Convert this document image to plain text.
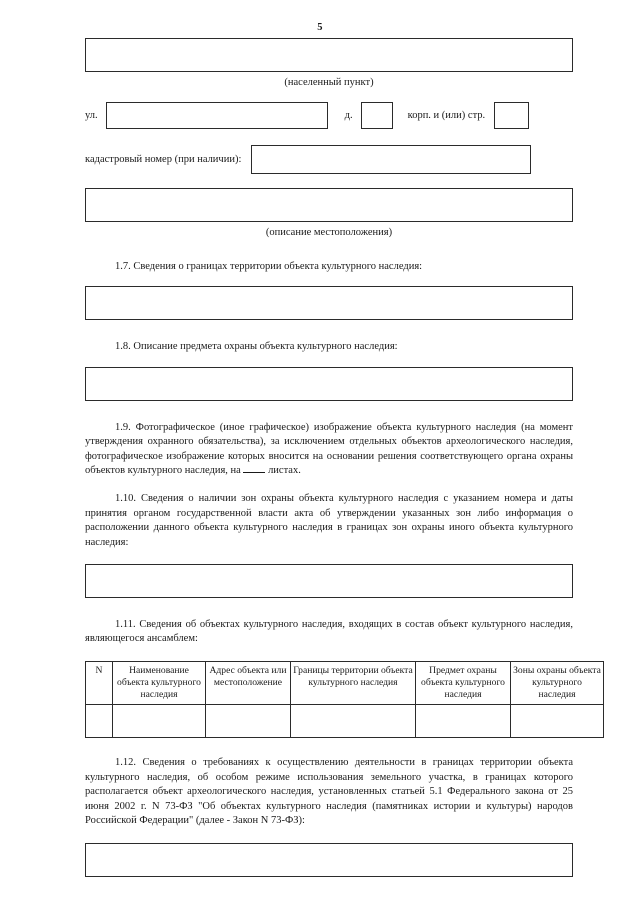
5
(населенный пункт)
ул.	д.	корп. и (или) стр.
кадастровый номер (при наличии):
(описание местоположения)

1.7. Сведения о границах территории объекта культурного наследия:

1.8. Описание предмета охраны объекта культурного наследия:

1.9. Фотографическое (иное графическое) изображение объекта культурного наследия (на момент утверждения охранного обязательства), за исключением отдельных объектов археологического наследия, фотографическое изображение которых вносится на основании решения соответствующего органа охраны объектов культурного наследия, на  листах.

1.10. Сведения о наличии зон охраны объекта культурного наследия с указанием номера и даты принятия органом государственной власти акта об утверждении указанных зон либо информация о расположении данного объекта культурного наследия в границах зон охраны иного объекта культурного наследия:

1.11. Сведения об объектах культурного наследия, входящих в состав объект культурного наследия, являющегося ансамблем:

N	Наименование объекта культурного наследия	Адрес объекта или местоположение	Границы территории объекта культурного наследия	Предмет охраны объекта культурного наследия	Зоны охраны объекта культурного наследия

1.12. Сведения о требованиях к осуществлению деятельности в границах территории объекта культурного наследия, об особом режиме использования земельного участка, в границах которого располагается объект археологического наследия, установленных статьей 5.1 Федерального закона от 25 июня 2002 г. N 73-ФЗ "Об объектах культурного наследия (памятниках истории и культуры) народов Российской Федерации" (далее - Закон N 73-ФЗ):
